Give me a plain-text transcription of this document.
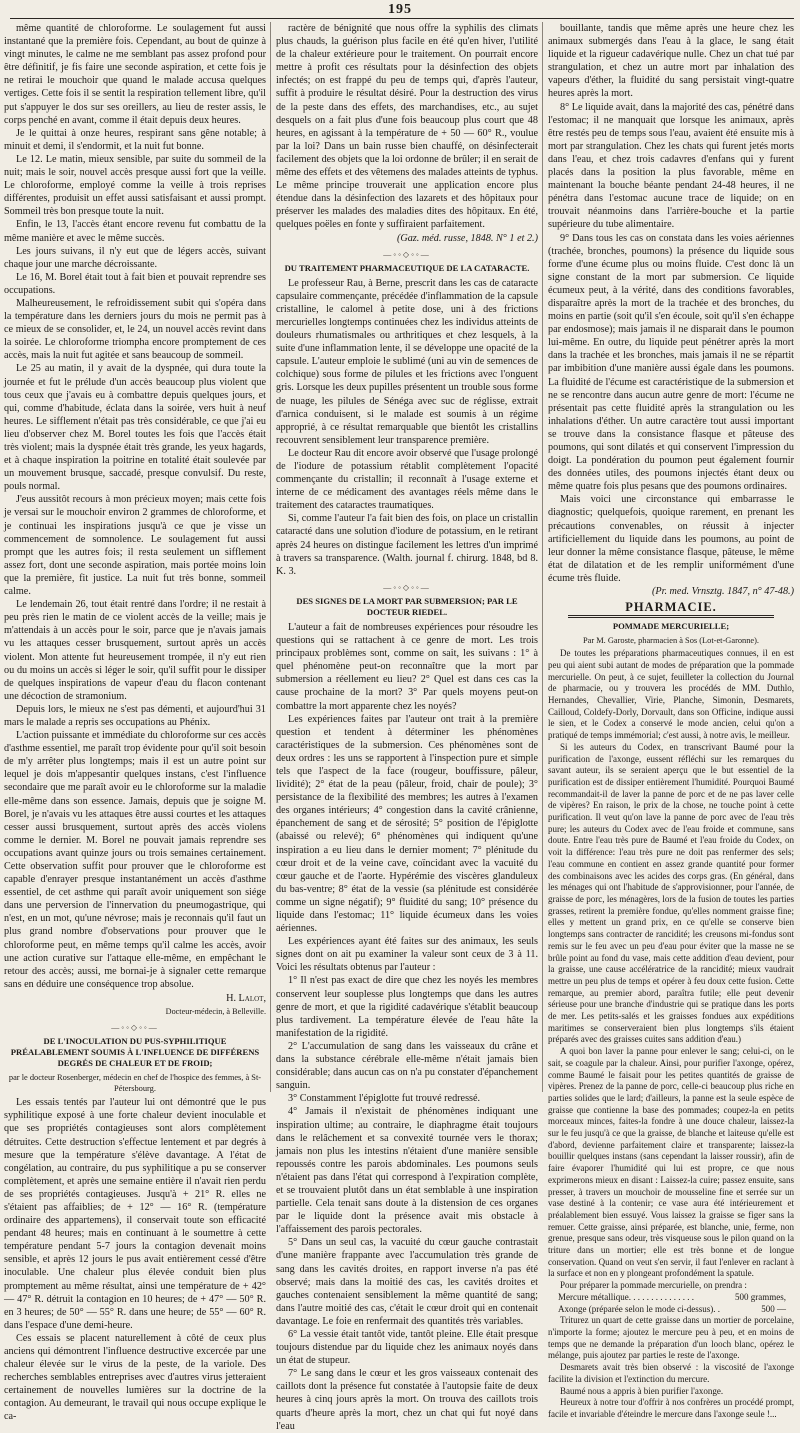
195

même quantité de chloroforme. Le soulagement fut aussi instantané que la première fois. Cependant, au bout de quinze à vingt minutes, le calme ne me semblant pas assez profond pour être définitif, je fis faire une seconde aspiration, et cette fois je ne retirai le mouchoir que quand le malade accusa quelques vertiges. Cette fois il se sentit la respiration tellement libre, qu'il put s'appuyer le dos sur ses oreillers, au lieu de rester assis, le corps penché en avant, comme il était depuis deux heures.

Je le quittai à onze heures, respirant sans gêne notable; à minuit et demi, il s'endormit, et la nuit fut bonne.

Le 12. Le matin, mieux sensible, par suite du sommeil de la nuit; mais le soir, nouvel accès presque aussi fort que la veille. Le chloroforme, employé comme la veille à trois reprises différentes, produisit un effet aussi satisfaisant et aussi prompt. Sommeil très bon presque toute la nuit.

Enfin, le 13, l'accès étant encore revenu fut combattu de la même manière et avec le même succès.

Les jours suivans, il n'y eut que de légers accès, suivant chaque jour une marche décroissante.

Le 16, M. Borel était tout à fait bien et pouvait reprendre ses occupations.

Malheureusement, le refroidissement subit qui s'opéra dans la température dans les derniers jours du mois ne permit pas à ce mieux de se consolider, et, le 24, un nouvel accès revint dans la soirée. Le chloroforme triompha encore promptement de ces accès, mais la nuit fut agitée et sans beaucoup de sommeil.

Le 25 au matin, il y avait de la dyspnée, qui dura toute la journée et fut le prélude d'un accès beaucoup plus violent que tous ceux que j'avais eu à combattre depuis quelques jours, et qui, comme d'habitude, éclata dans la soirée, vers huit à neuf heures. Le sifflement n'était pas très considérable, ce que j'ai eu lieu d'observer chez M. Borel toutes les fois que l'accès était très violent; mais la dyspnée était très grande, les yeux hagards, et à chaque inspiration la poitrine en totalité était soulevée par un mouvement brusque, saccadé, presque convulsif. Du reste, pouls normal.

J'eus aussitôt recours à mon précieux moyen; mais cette fois je versai sur le mouchoir environ 2 grammes de chloroforme, et je continuai les inspirations jusqu'à ce que je visse un commencement de somnolence. Le soulagement fut aussi prompt que les autres fois; il resta seulement un sifflement assez fort, dont une seconde aspiration, mais portée moins loin que la première, fit justice. La nuit fut très bonne, sommeil calme.

Le lendemain 26, tout était rentré dans l'ordre; il ne restait à peu près rien le matin de ce violent accès de la veille; mais je m'attendais à un accès pour le soir, parce que je n'avais jamais vu les attaques cesser brusquement, surtout après un accès violent. Mon attente fut heureusement trompée, il n'y eut rien ou du moins un accès si léger le soir, qu'il suffit pour le dissiper de quelques inspirations de vapeur d'eau du flacon contenant une décoction de stramonium.

Depuis lors, le mieux ne s'est pas démenti, et aujourd'hui 31 mars le malade a repris ses occupations au Phénix.

L'action puissante et immédiate du chloroforme sur ces accès d'asthme essentiel, me paraît trop évidente pour qu'il soit besoin de m'y arrêter plus longtemps; mais il est un autre point sur lequel je dois m'appesantir quelques instans, c'est l'influence secondaire que me paraît avoir eu le chloroforme sur la maladie elle-même dans son essence. Jamais, depuis que je soigne M. Borel, je n'avais vu les attaques être aussi courtes et les attaques cesser aussi brusquement, surtout après des accès violens comme le dernier. M. Borel ne pouvait jamais reprendre ses occupations avant quinze jours ou trois semaines certainement. Cette observation suffit pour prouver que le chloroforme est capable d'enrayer presque instantanément un accès d'asthme essentiel, de cet asthme qui paraît avoir uniquement son siége dans une perversion de l'innervation du pneumogastrique, qui n'est, en un mot, qu'une névrose; mais je reconnais qu'il faut un plus grand nombre d'observations pour prouver que le chloroforme peut, en même temps qu'il calme les accès, avoir une action curative sur l'attaque elle-même, en empêchant le retour des accès; aussi, me bornai-je à signaler cette remarque sans en déduire une conséquence trop absolue.

H. Lalot,

Docteur-médecin, à Belleville.

—◦◦◇◦◦—

DE L'INOCULATION DU PUS-SYPHILITIQUE PRÉALABLEMENT SOUMIS À L'INFLUENCE DE DIFFÉRENS DEGRÉS DE CHALEUR ET DE FROID;

par le docteur Rosenberger, médecin en chef de l'hospice des femmes, à St-Pétersbourg.

Les essais tentés par l'auteur lui ont démontré que le pus syphilitique exposé à une forte chaleur devient inoculable et que ses propriétés contagieuses sont alors complètement détruites. Cette destruction s'effectue lentement et par degrés à mesure que la température s'élève davantage. A l'état de congélation, au contraire, du pus syphilitique a pu se conserver complètement, et après une semaine entière il n'avait rien perdu de ses propriétés contagieuses. Jusqu'à + 21° R. elles ne s'étaient pas affaiblies; de + 12° — 16° R. (température ordinaire des appartemens), il conservait toute son efficacité pendant 48 heures; mais en continuant à le soumettre à cette température pendant 5-7 jours la contagion devenait moins sensible, et après 12 jours le pus avait entièrement cessé d'être inoculable. Une chaleur plus élevée conduit bien plus promptement au même résultat, ainsi une température de + 42° — 47° R. détruit la contagion en 10 heures; de + 47° — 50° R. en 3 heures; de 50° — 55° R. dans une heure; de 55° — 60° R. dans l'espace d'une demi-heure.

Ces essais se placent naturellement à côté de ceux plus anciens qui démontrent l'influence destructive excercée par une chaleur élevée sur le virus de la peste, de la variole. Des recherches semblables entreprises avec d'autres virus jetteraient certainement de nouvelles lumières sur la doctrine de la contagion. Au demeurant, le travail qui nous occupe explique le ca-

ractère de bénignité que nous offre la syphilis des climats plus chauds, la guérison plus facile en été qu'en hiver, l'utilité de la chaleur extérieure pour le traitement. On pourrait encore mettre à profit ces résultats pour la désinfection des objets infectés; on est frappé du peu de temps qui, d'après l'auteur, suffit à produire le résultat désiré. Pour la destruction des virus de la peste dans des effets, des marchandises, etc., au sujet desquels on a fait plus d'une fois beaucoup plus court que 48 heures, en agissant à la température de + 50 — 60° R., voulue par la loi? Dans un bain russe bien chauffé, on désinfecterait facilement des objets que la loi ordonne de brûler; il en serait de même des effets et des vêtemens des malades atteints de typhus. Le même principe trouverait une application encore plus étendue dans la désinfection des lazarets et des hôpitaux pour préserver les malades des maladies dites des hôpitaux. En été, quelques poëles en fonte y suffiraient parfaitement.

(Gaz. méd. russe, 1848. N° 1 et 2.)

—◦◦◇◦◦—

DU TRAITEMENT PHARMACEUTIQUE DE LA CATARACTE.

Le professeur Rau, à Berne, prescrit dans les cas de cataracte capsulaire commençante, précédée d'inflammation de la capsule cristalline, le calomel à petite dose, uni à des frictions mercurielles longtemps continuées chez les individus atteints de douleurs rhumatismales ou arthritiques et chez lesquels, à la suite d'une inflammation lente, il se développe une opacité de la capsule. L'auteur emploie le sublimé (uni au vin de semences de colchique) sous forme de pilules et les frictions avec l'onguent gris. Lorsque les deux pupilles présentent un trouble sous forme de nuage, les pilules de Sénéga avec suc de réglisse, extrait d'arnica conduisent, si le malade est soumis à un régime approprié, à ce résultat remarquable que bientôt les cristallins recouvrent sensiblement leur transparence première.

Le docteur Rau dit encore avoir observé que l'usage prolongé de l'iodure de potassium rétablit complètement l'opacité commençante du cristallin; il reconnaît à l'usage externe et interne de ce médicament des avantages réels même dans le traitement des cataractes traumatiques.

Si, comme l'auteur l'a fait bien des fois, on place un cristallin cataracté dans une solution d'iodure de potassium, en le retirant après 24 heures on distingue facilement les lettres d'un imprimé à travers sa transparence. (Walth. journal f. chirurg. 1848, bd 8. K. 3.

—◦◦◇◦◦—

DES SIGNES DE LA MORT PAR SUBMERSION; PAR LE DOCTEUR RIEDEL.

L'auteur a fait de nombreuses expériences pour résoudre les questions qui se rattachent à ce genre de mort. Les trois principaux problèmes sont, comme on sait, les suivans : 1° à quel phénomène peut-on reconnaître que la mort par submersion a réellement eu lieu? 2° Quel est dans ces cas la cause prochaine de la mort? 3° Par quels moyens peut-on combattre la mort apparente chez les noyés?

Les expériences faites par l'auteur ont trait à la première question et tendent à déterminer les phénomènes caractéristiques de la submersion. Ces phénomènes sont de deux ordres : les uns se rapportent à l'inspection pure et simple tels que l'aspect de la face (rougeur, bouffissure, pâleur, lividité); 2° état de la peau (pâleur, froid, chair de poule); 3° persistance de la flexibilité des membres; les autres à l'examen des organes intérieurs; 4° congestion dans la cavité crânienne, épanchement de sang et de sérosité; 5° position de l'épiglotte (abaissé ou relevé); 6° phénomènes qui indiquent qu'une inspiration a eu lieu dans le dernier moment; 7° plénitude du cœur droit et de la veine cave, coïncidant avec la vacuité du cœur gauche et de l'aorte. Hypérémie des viscères glanduleux du bas-ventre; 8° état de la vessie (sa plénitude est considérée comme un signe négatif); 9° fluidité du sang; 10° présence du liquide dans l'estomac; 11° liquide écumeux dans les voies aériennes.

Les expériences ayant été faites sur des animaux, les seuls signes dont on ait pu examiner la valeur sont ceux de 3 à 11. Voici les résultats obtenus par l'auteur :

1° Il n'est pas exact de dire que chez les noyés les membres conservent leur souplesse plus longtemps que dans les autres genre de mort, et que la rigidité cadavérique s'établit beaucoup plus tardivement. La température élevée de l'eau hâte la manifestation de la rigidité.

2° L'accumulation de sang dans les vaisseaux du crâne et dans la substance cérébrale elle-même n'était jamais bien considérable; dans aucun cas on n'a pu constater d'épanchement sanguin.

3° Constamment l'épiglotte fut trouvé redressé.

4° Jamais il n'existait de phénomènes indiquant une inspiration ultime; au contraire, le diaphragme était toujours dans le relâchement et sa convexité tournée vers le thorax; jamais non plus les intestins n'étaient d'une manière sensible repoussés contre les parois abdominales. Les poumons seuls n'étaient pas dans l'état qui correspond à l'expiration complète, et se trouvaient plutôt dans un état semblable à une inspiration partielle. Cela tenait sans doute à la distension de ces organes par le liquide dont la présence avait mis obstacle à l'affaissement des parois pectorales.

5° Dans un seul cas, la vacuité du cœur gauche contrastait d'une manière frappante avec l'accumulation très grande de sang dans les cavités droites, en rapport inverse n'a pas été observé; mais dans la moitié des cas, les cavités droites et gauches contenaient sensiblement la même quantité de sang; dans l'autre moitié des cas, c'était le cœur droit qui en contenait davantage. Le foie en renfermait des quantités très variables.

6° La vessie était tantôt vide, tantôt pleine. Elle était presque toujours distendue par du liquide chez les animaux noyés dans un état de stupeur.

7° Le sang dans le cœur et les gros vaisseaux contenait des caillots dont la présence fut constatée à l'autopsie faite de deux heures à cinq jours après la mort. On trouva des caillots trois quarts d'heure après la mort, chez un chat qui fut noyé dans l'eau

bouillante, tandis que même après une heure chez les animaux submergés dans l'eau à la glace, le sang était liquide et la rigueur cadavérique nulle. Chez un chat tué par strangulation, et chez un autre mort par inhalation des vapeurs d'éther, la fluidité du sang persistait vingt-quatre heures après la mort.

8° Le liquide avait, dans la majorité des cas, pénétré dans l'estomac; il ne manquait que lorsque les animaux, après être restés peu de temps sous l'eau, avaient été ensuite mis à mort par strangulation. Chez les chats qui furent jetés morts dans l'eau, et chez trois cadavres d'enfans qui y furent placés dans la position la plus favorable, même en maintenant la bouche béante pendant 24-48 heures, il ne pénétra dans l'estomac aucune trace de liquide; on en trouvait néanmoins dans l'arrière-bouche et la partie supérieure du tube alimentaire.

9° Dans tous les cas on constata dans les voies aériennes (trachée, bronches, poumons) la présence du liquide sous forme d'une écume plus ou moins fluide. C'est donc là un signe constant de la mort par submersion. Ce liquide écumeux peut, à la vérité, dans des conditions favorables, disparaître après la mort de la trachée et des bronches, du moins en partie (soit qu'il s'en écoule, soit qu'il s'en échappe par endosmose); mais jamais il ne disparait dans le poumon lui-même. En outre, du liquide peut pénétrer après la mort dans la trachée et les bronches, mais jamais il ne se répartit par imbibition d'une manière aussi égale dans les poumons. La fluidité de l'écume est caractéristique de la submersion et ne se rencontre dans aucun autre genre de mort: l'écume ne présentait pas cette fluidité après la strangulation ou les inhalations d'éther. Un autre caractère tout aussi important se trouve dans la consistance flasque et pâteuse des poumons, qui sont dilatés et qui conservent l'impression du doigt. La pondération du poumon peut également fournir des données utiles, des poumons injectés étant deux ou même quatre fois plus pesans que des poumons ordinaires.

Mais voici une circonstance qui embarrasse le diagnostic; quelquefois, quoique rarement, en prenant les précautions convenables, on réussit à injecter artificiellement du liquide dans les poumons, au point de leur donner la même consistance flasque, pâteuse, le même état de dilatation et de les remplir uniformément d'une écume très fluide.

(Pr. med. Vrnsztg. 1847, n° 47-48.)

PHARMACIE.

POMMADE MERCURIELLE;

Par M. Garoste, pharmacien à Sos (Lot-et-Garonne).

De toutes les préparations pharmaceutiques connues, il en est peu qui aient subi autant de modes de préparation que la pommade mercurielle. On peut, à ce sujet, feuilleter la collection du Journal de pharmacie, ou y trouvera les procédés de MM. Duthlo, Hernandes, Chevallier, Virie, Planche, Simonin, Desmarets, Cailloud, Coldefy-Dorly, Dorvault, dans son Officine, indique aussi le sien, et le Codex a conservé le mode ancien, celui qu'on a pratiqué de temps immémorial; c'est aussi, à notre avis, le meilleur.

Si les auteurs du Codex, en transcrivant Baumé pour la purification de l'axonge, eussent réfléchi sur les remarques du savant auteur, ils se seraient aperçu que le but essentiel de la purification est de dissiper entièrement l'humidité. Pourquoi Baumé recommandait-il de laver la panne de porc et de ne pas laver celle de vipères? En raison, le prix de la chose, ne touche point à cette purification. Il veut qu'on lave la panne de porc avec de l'eau très pure; les auteurs du Codex avec de l'eau froide et commune, sans doute. Entre l'eau très pure de Baumé et l'eau froide du Codex, on voit la différence: l'eau très pure ne doit pas renfermer des sels; l'eau commune en contient en assez grande quantité pour former des combinaisons avec les acides des corps gras. (En général, dans les ménages qui ont l'habitude de s'approvisionner, pour l'année, de graisse de porc, les ménagères, lors de la fusion de toutes les parties grasses, retirent la première fondue, qu'elles nomment graisse fine; elles y mettent un grand prix, en ce qu'elle se conserve bien longtemps sans contracter de rancidité; les creusons mi-fondus sont remis sur le feu avec un peu d'eau pour éviter que la masse ne se brûle point au fond du vase, mais cette addition d'eau devient, pour la graisse, une cause accélératrice de la rancidité; mieux vaudrait mettre un peu plus de temps et opérer à feu doux cette fusion. Cette remarque, au premier abord, paraîtra futile; elle peut devenir sérieuse pour une branche d'industrie qui se pratique dans les ports de mer. Les petits-salés et les graisses fondues aux expéditions maritimes se conserveraient bien plus longtemps s'ils étaient préparés avec des graisses cuites sans addition d'eau.)

A quoi bon laver la panne pour enlever le sang; celui-ci, on le sait, se coagule par la chaleur. Ainsi, pour purifier l'axonge, opérez, comme Baumé le faisait pour les petites quantités de graisse de vipères. Prenez de la panne de porc, celle-ci beaucoup plus riche en parties solides que le lard; d'ailleurs, la panne est la seule espèce de graisse que contienne la base des pommades; coupez-la en petits morceaux minces, faites-la fondre à une douce chaleur, laissez-la sur le feu jusqu'à ce que la graisse, de blanche et laiteuse qu'elle est d'abord, devienne parfaitement claire et transparente; laissez-la bouillir quelques instans (sans cependant la laisser roussir), afin de faire évaporer l'humidité qui lui est propre, ce que nous exprimerons mieux en disant : Laissez-la cuire; passez ensuite, sans presser, à travers un mouchoir de mousseline fine et serrée sur un vase destiné à la contenir; ce vase aura été intérieurement et préalablement bien essuyé. Vous laissez la graisse se figer sans la remuer. Cette graisse, ainsi préparée, est blanche, unie, ferme, non grenue, presque sans odeur, très visqueuse sous le pilon quand on la triture dans un mortier; elle est très bonne et de longue conservation. Quand on veut s'en servir, il faut l'enlever en raclant à la surface et non en y plongeant profondément la spatule.

Pour préparer la pommade mercurielle, on prendra :

Mercure métallique. . . . . . . . . . . . . . .	500 grammes,
Axonge (préparée selon le mode ci-dessus). .	500 —

Triturez un quart de cette graisse dans un mortier de porcelaine, n'importe la forme; ajoutez le mercure peu à peu, et en moins de temps que ne demande la préparation d'un looch blanc, opérez le mélange, puis ajoutez par parties le reste de l'axonge.

Desmarets avait très bien observé : la viscosité de l'axonge facilite la division et l'extinction du mercure.

Baumé nous a appris à bien purifier l'axonge.

Heureux à notre tour d'offrir à nos confrères un procédé prompt, facile et invariable d'éteindre le mercure dans l'axonge seule !...
